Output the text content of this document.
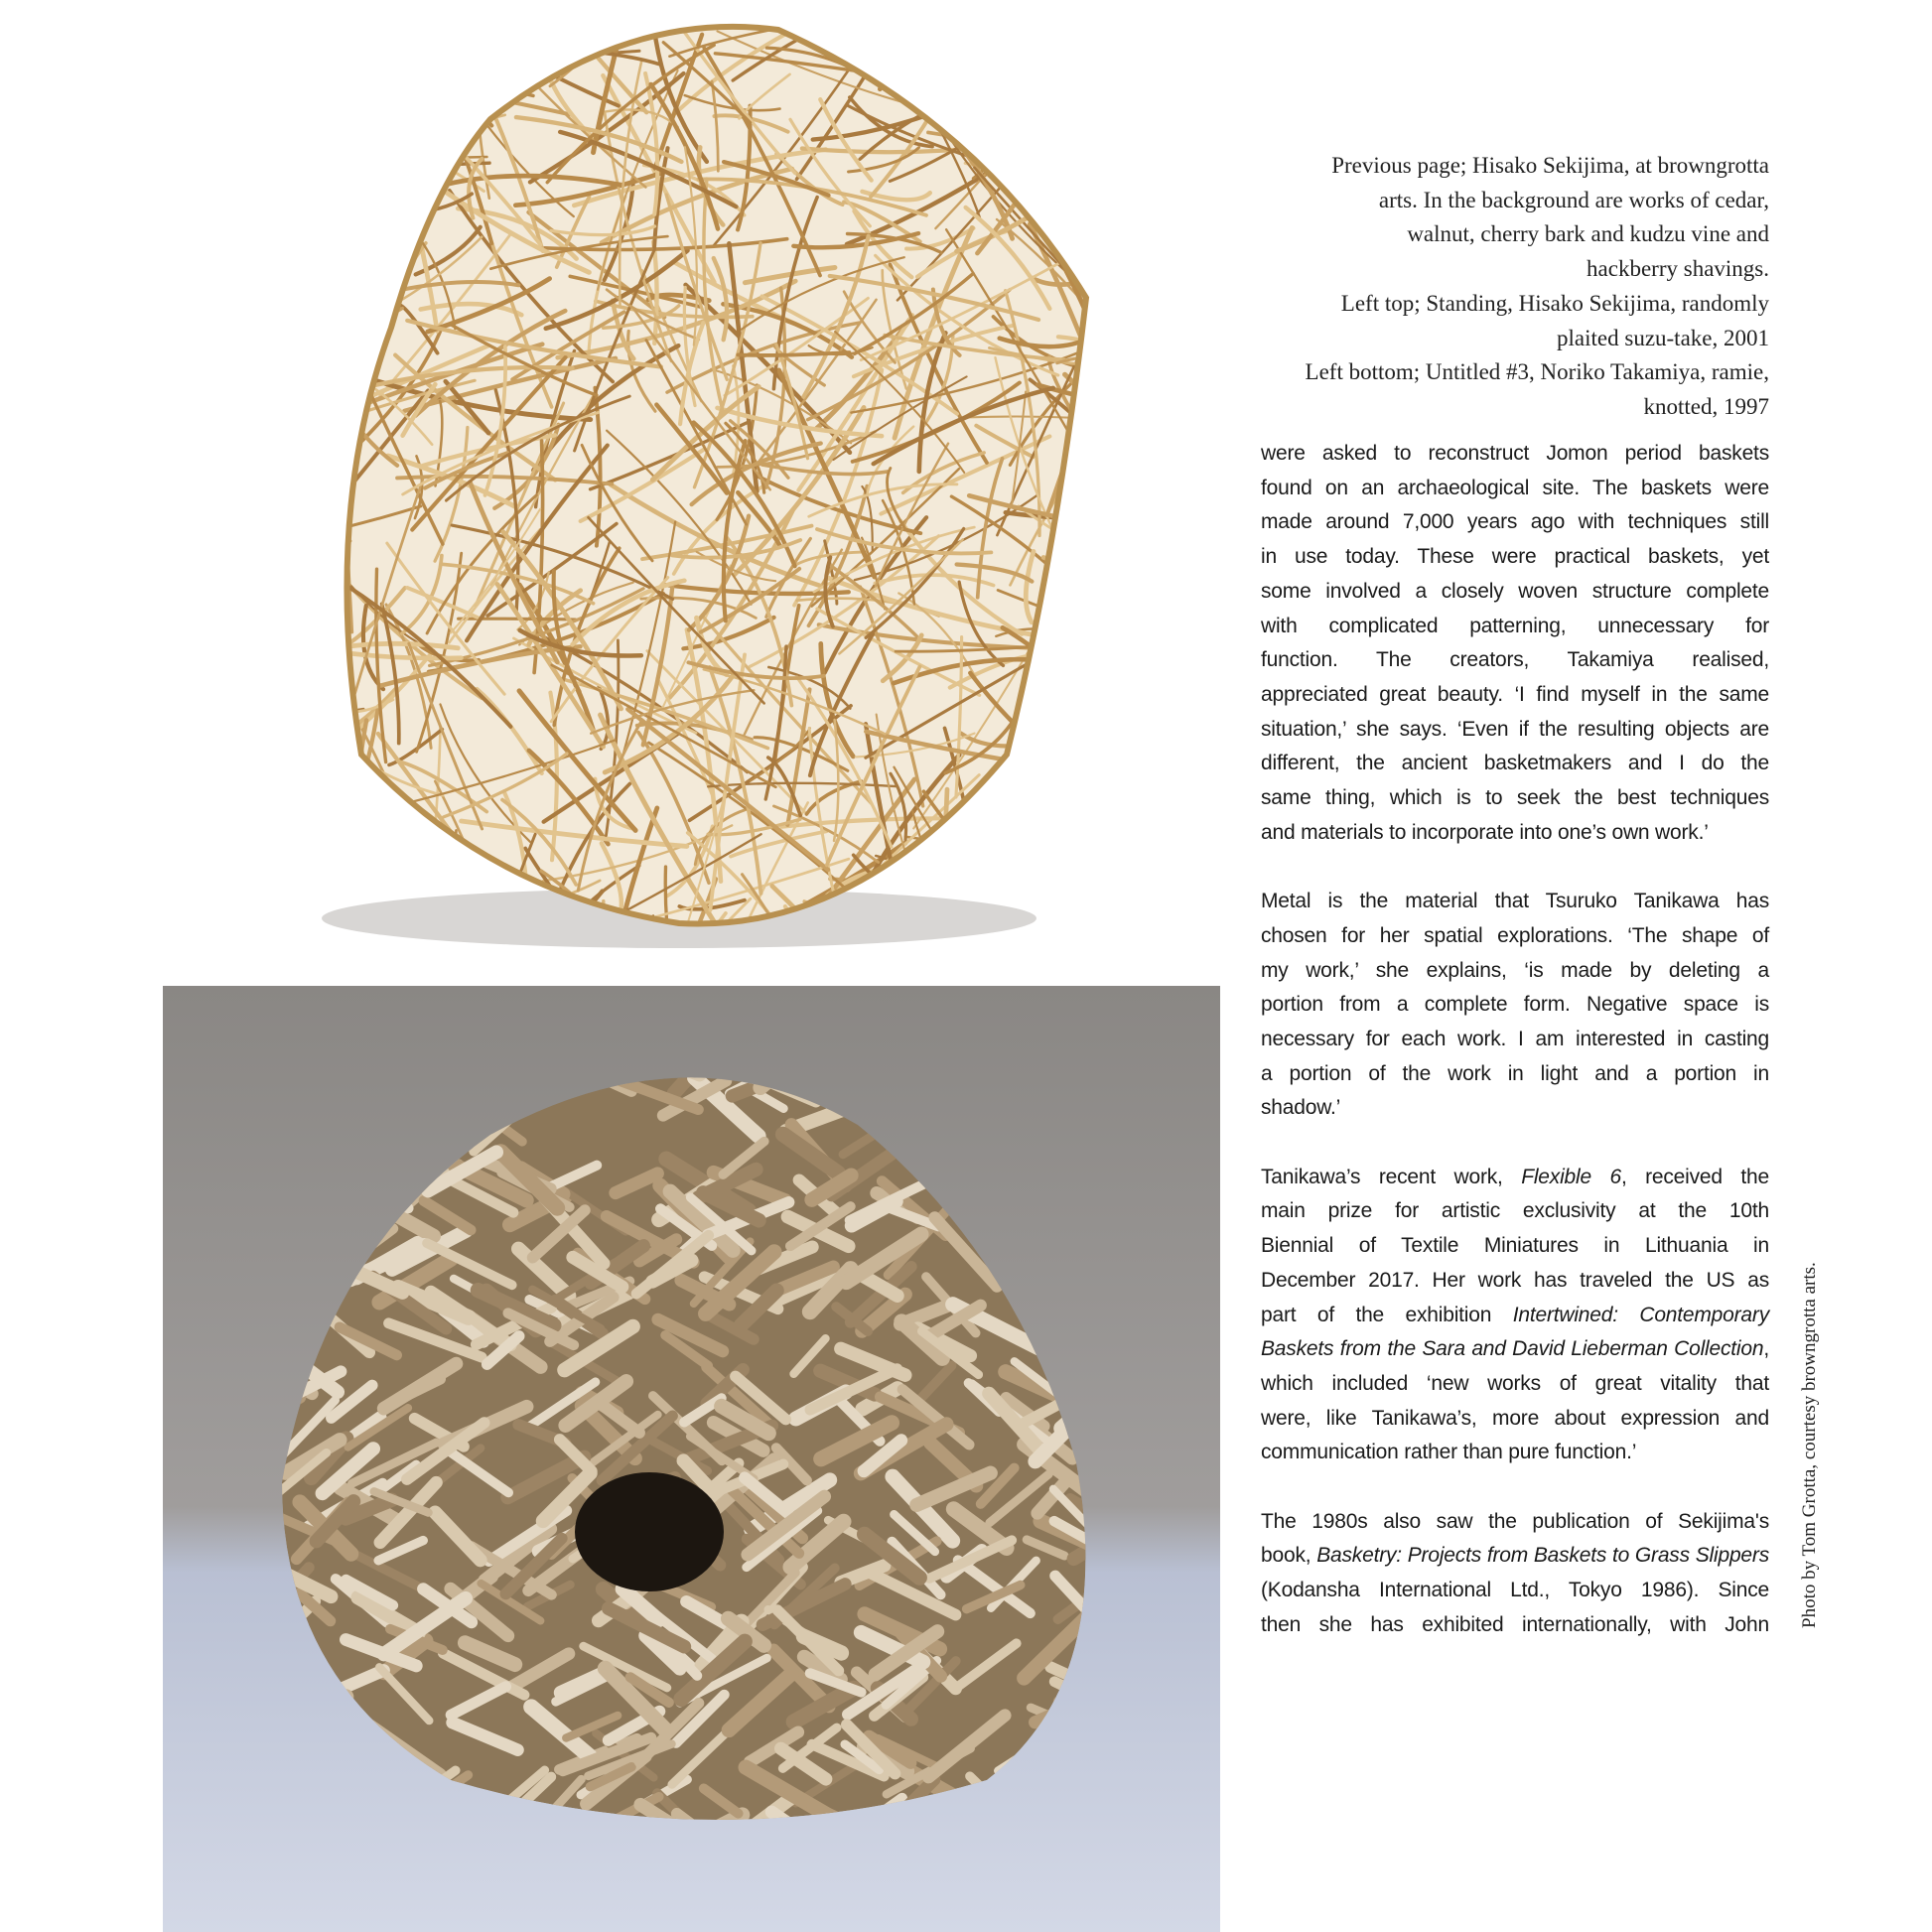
Previous page; Hisako Sekijima, at browngrotta
arts. In the background are works of cedar,
walnut, cherry bark and kudzu vine and
hackberry shavings.
Left top; Standing, Hisako Sekijima, randomly
plaited suzu-take, 2001
Left bottom; Untitled #3, Noriko Takamiya, ramie,
knotted, 1997
were asked to reconstruct Jomon period baskets
found on an archaeological site. The baskets were
made around 7,000 years ago with techniques still
in use today. These were practical baskets, yet
some involved a closely woven structure complete
with complicated patterning, unnecessary for
function. The creators, Takamiya realised,
appreciated great beauty. ‘I find myself in the same
situation,’ she says. ‘Even if the resulting objects are
different, the ancient basketmakers and I do the
same thing, which is to seek the best techniques
and materials to incorporate into one’s own work.’
Metal is the material that Tsuruko Tanikawa has
chosen for her spatial explorations. ‘The shape of
my work,’ she explains, ‘is made by deleting a
portion from a complete form. Negative space is
necessary for each work. I am interested in casting
a portion of the work in light and a portion in
shadow.’
Tanikawa’s recent work, Flexible 6, received the
main prize for artistic exclusivity at the 10th
Biennial of Textile Miniatures in Lithuania in
December 2017. Her work has traveled the US as
part of the exhibition Intertwined: Contemporary
Baskets from the Sara and David Lieberman Collection,
which included ‘new works of great vitality that
were, like Tanikawa’s, more about expression and
communication rather than pure function.’
The 1980s also saw the publication of Sekijima's
book, Basketry: Projects from Baskets to Grass Slippers
(Kodansha International Ltd., Tokyo 1986). Since
then she has exhibited internationally, with John Photo by Tom Grotta, courtesy browngrotta arts.
